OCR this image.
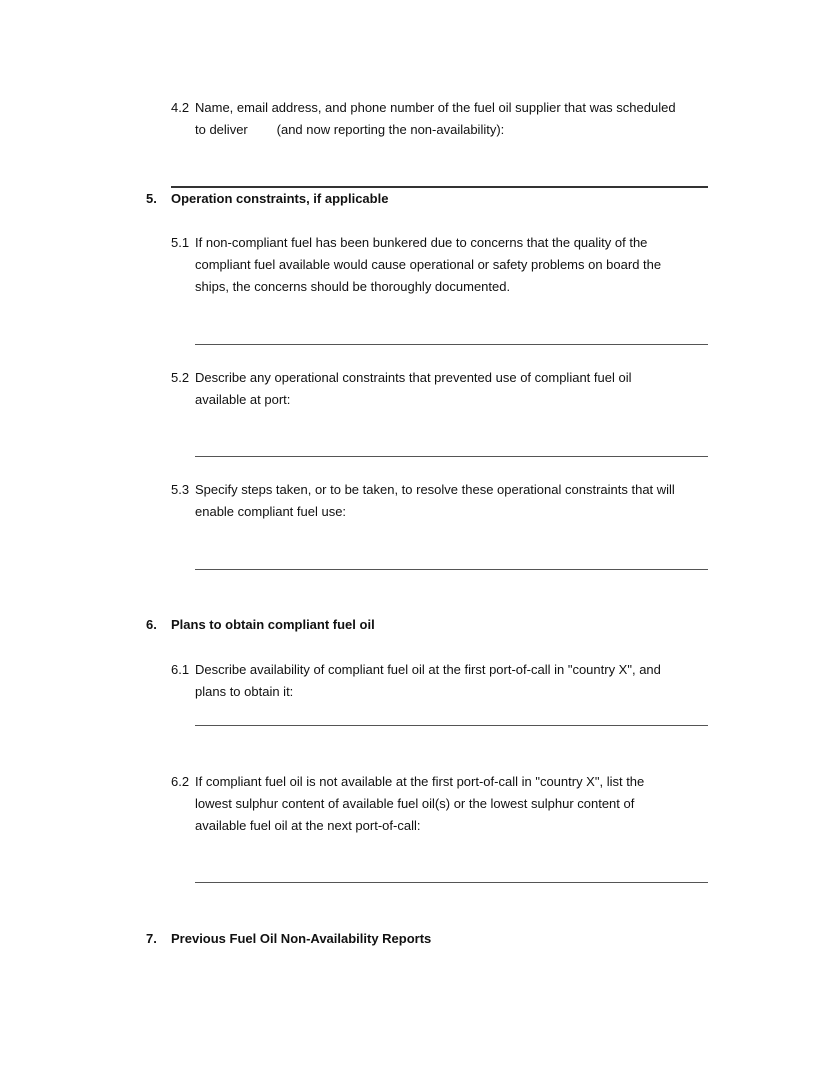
4.2 Name, email address, and phone number of the fuel oil supplier that was scheduled
to deliver        (and now reporting the non-availability):
5. Operation constraints, if applicable
5.1 If non-compliant fuel has been bunkered due to concerns that the quality of the
compliant fuel available would cause operational or safety problems on board the
ships, the concerns should be thoroughly documented.
5.2 Describe any operational constraints that prevented use of compliant fuel oil
available at port:
5.3 Specify steps taken, or to be taken, to resolve these operational constraints that will
enable compliant fuel use:
6. Plans to obtain compliant fuel oil
6.1 Describe availability of compliant fuel oil at the first port-of-call in "country X", and
plans to obtain it:
6.2 If compliant fuel oil is not available at the first port-of-call in "country X", list the
lowest sulphur content of available fuel oil(s) or the lowest sulphur content of
available fuel oil at the next port-of-call:
7. Previous Fuel Oil Non-Availability Reports
